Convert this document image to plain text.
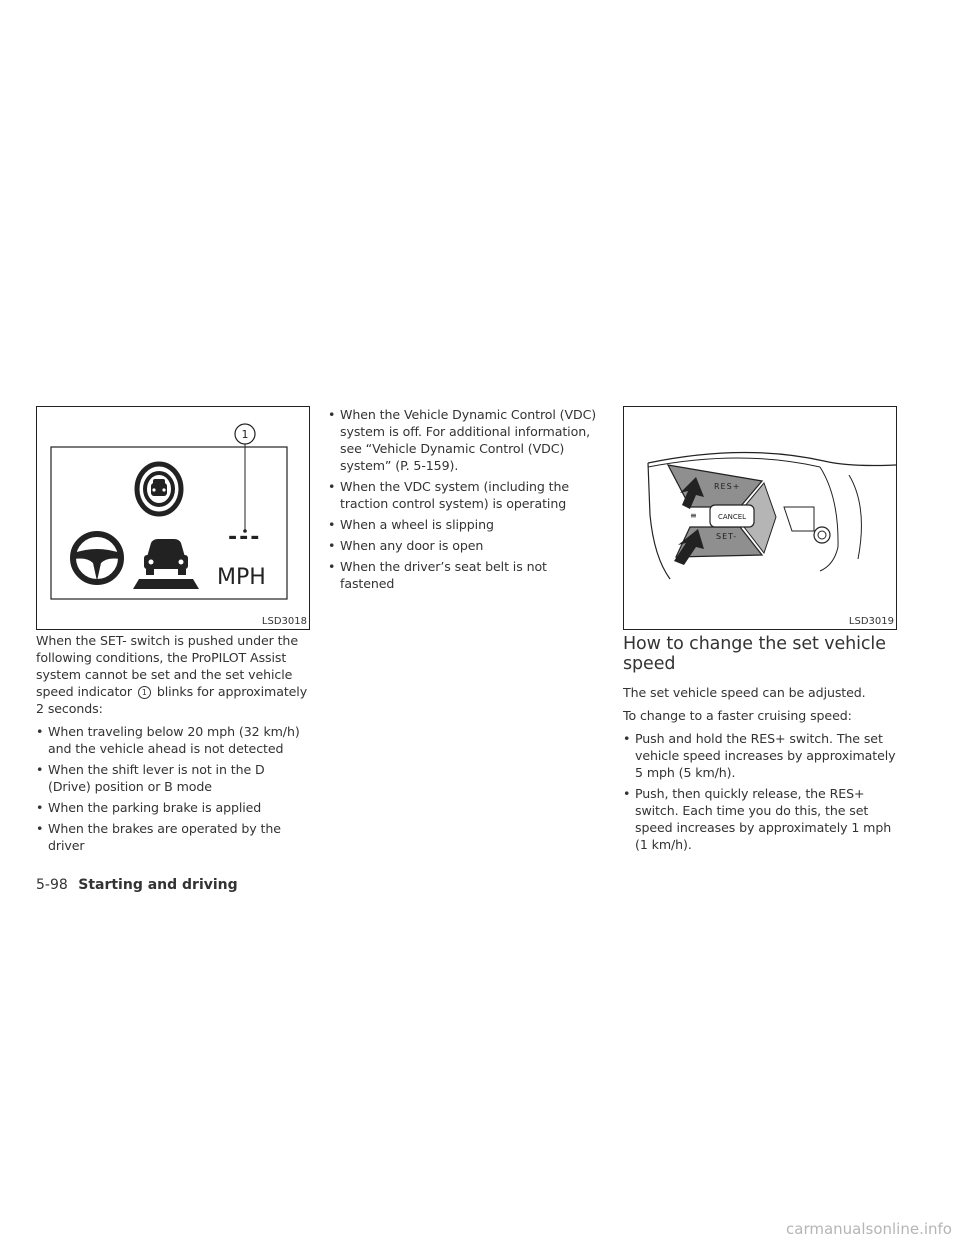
1
---
MPH
LSD3018
≡
RES+
CANCEL
SET-
LSD3019

When the SET- switch is pushed under the following conditions, the ProPILOT Assist system cannot be set and the set vehicle speed indicator 1 blinks for approximately 2 seconds:

• When traveling below 20 mph (32 km/h) and the vehicle ahead is not detected
• When the shift lever is not in the D (Drive) position or B mode
• When the parking brake is applied
• When the brakes are operated by the driver
• When the Vehicle Dynamic Control (VDC) system is off. For additional information, see “Vehicle Dynamic Control (VDC) system” (P. 5-159).
• When the VDC system (including the traction control system) is operating
• When a wheel is slipping
• When any door is open
• When the driver’s seat belt is not fastened
How to change the set vehicle speed

The set vehicle speed can be adjusted.

To change to a faster cruising speed:

• Push and hold the RES+ switch. The set vehicle speed increases by approximately 5 mph (5 km/h).
• Push, then quickly release, the RES+ switch. Each time you do this, the set speed increases by approximately 1 mph (1 km/h).
5-98 Starting and driving
carmanualsonline.info
